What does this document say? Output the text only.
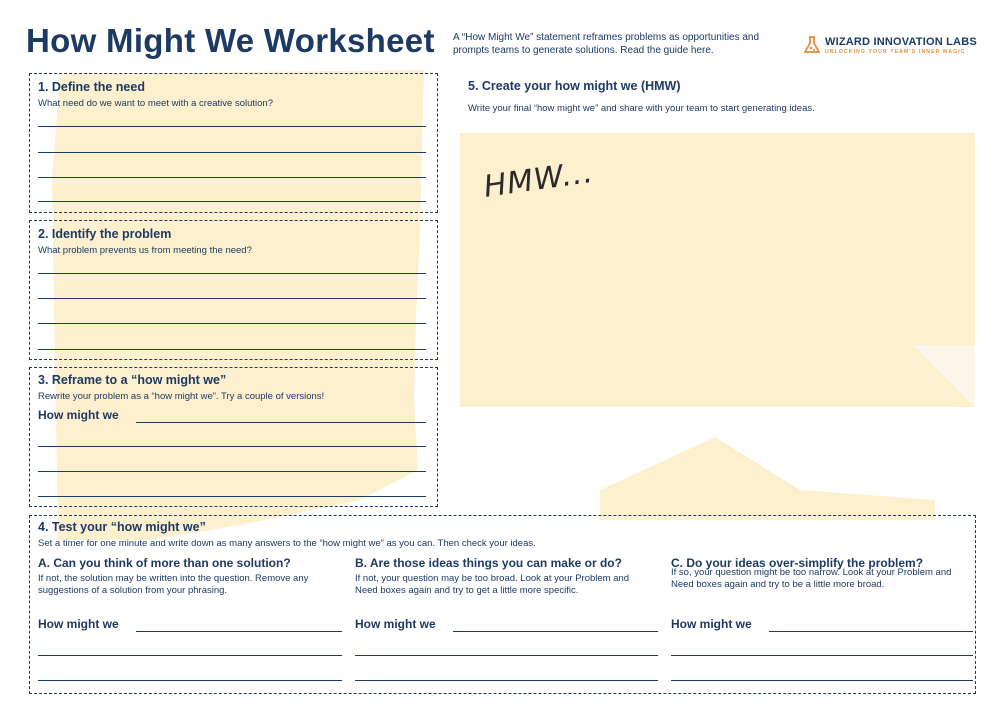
How Might We Worksheet A “How Might We” statement reframes problems as opportunities and prompts teams to generate solutions. Read the guide here.
WIZARD INNOVATION LABS
UNLOCKING YOUR TEAM'S INNER MAGIC
1. Define the need
What need do we want to meet with a creative solution?
2. Identify the problem
What problem prevents us from meeting the need?
3. Reframe to a “how might we”
Rewrite your problem as a “how might we”. Try a couple of versions!
How might we
5. Create your how might we (HMW)
Write your final “how might we” and share with your team to start generating ideas.
HMW...
4. Test your “how might we”
Set a timer for one minute and write down as many answers to the “how might we” as you can. Then check your ideas.
A. Can you think of more than one solution?
If not, the solution may be written into the question. Remove any suggestions of a solution from your phrasing.
How might we
B. Are those ideas things you can make or do?
If not, your question may be too broad. Look at your Problem and Need boxes again and try to get a little more specific.
How might we
C. Do your ideas over-simplify the problem?
If so, your question might be too narrow. Look at your Problem and Need boxes again and try to be a little more broad.
How might we
